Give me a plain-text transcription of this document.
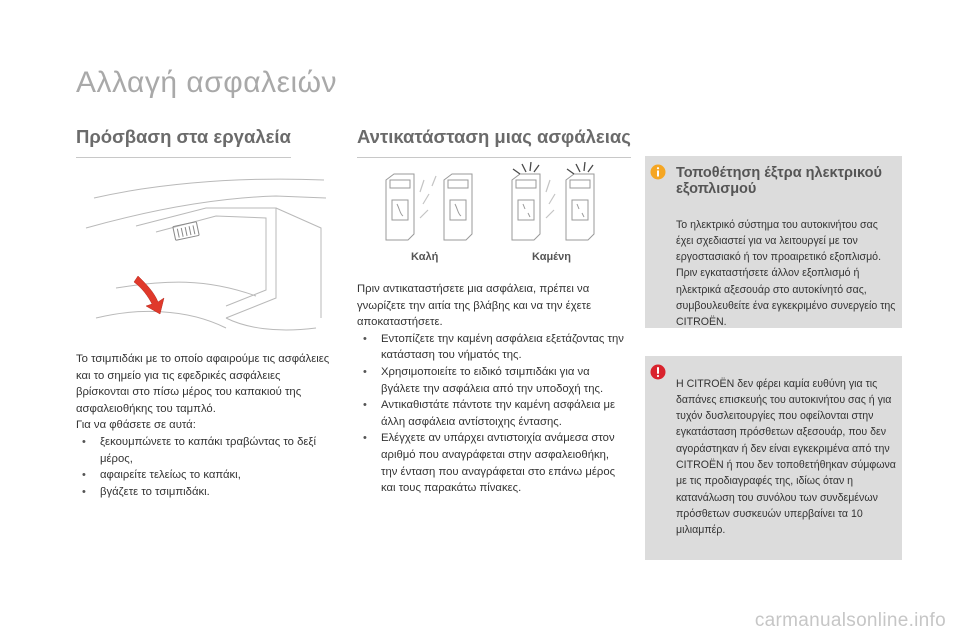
Αλλαγή ασφαλειών
Πρόσβαση στα εργαλεία

Το τσιμπιδάκι με το οποίο αφαιρούμε τις ασφάλειες και το σημείο για τις εφεδρικές ασφάλειες βρίσκονται στο πίσω μέρος του καπακιού της ασφαλειοθήκης του ταμπλό.

Για να φθάσετε σε αυτά:

• ξεκουμπώνετε το καπάκι τραβώντας το δεξί μέρος,
• αφαιρείτε τελείως το καπάκι,
• βγάζετε το τσιμπιδάκι.
Αντικατάσταση μιας ασφάλειας
Καλή	Καμένη

Πριν αντικαταστήσετε μια ασφάλεια, πρέπει να γνωρίζετε την αιτία της βλάβης και να την έχετε αποκαταστήσετε.

• Εντοπίζετε την καμένη ασφάλεια εξετάζοντας την κατάσταση του νήματός της.
• Χρησιμοποιείτε το ειδικό τσιμπιδάκι για να βγάλετε την ασφάλεια από την υποδοχή της.
• Αντικαθιστάτε πάντοτε την καμένη ασφάλεια με άλλη ασφάλεια αντίστοιχης έντασης.
• Ελέγχετε αν υπάρχει αντιστοιχία ανάμεσα στον αριθμό που αναγράφεται στην ασφαλειοθήκη, την ένταση που αναγράφεται στο επάνω μέρος και τους παρακάτω πίνακες.
Τοποθέτηση έξτρα ηλεκτρικού εξοπλισμού

Το ηλεκτρικό σύστημα του αυτοκινήτου σας έχει σχεδιαστεί για να λειτουργεί με τον εργοστασιακό ή τον προαιρετικό εξοπλισμό. Πριν εγκαταστήσετε άλλον εξοπλισμό ή ηλεκτρικά αξεσουάρ στο αυτοκίνητό σας, συμβουλευθείτε ένα εγκεκριμένο συνεργείο της CITROËN.

Η CITROËN δεν φέρει καμία ευθύνη για τις δαπάνες επισκευής του αυτοκινήτου σας ή για τυχόν δυσλειτουργίες που οφείλονται στην εγκατάσταση πρόσθετων αξεσουάρ, που δεν αγοράστηκαν ή δεν είναι εγκεκριμένα από την CITROËN ή που δεν τοποθετήθηκαν σύμφωνα με τις προδιαγραφές της, ιδίως όταν η κατανάλωση του συνόλου των συνδεμένων πρόσθετων συσκευών υπερβαίνει τα 10 μιλιαμπέρ.

carmanualsonline.info
